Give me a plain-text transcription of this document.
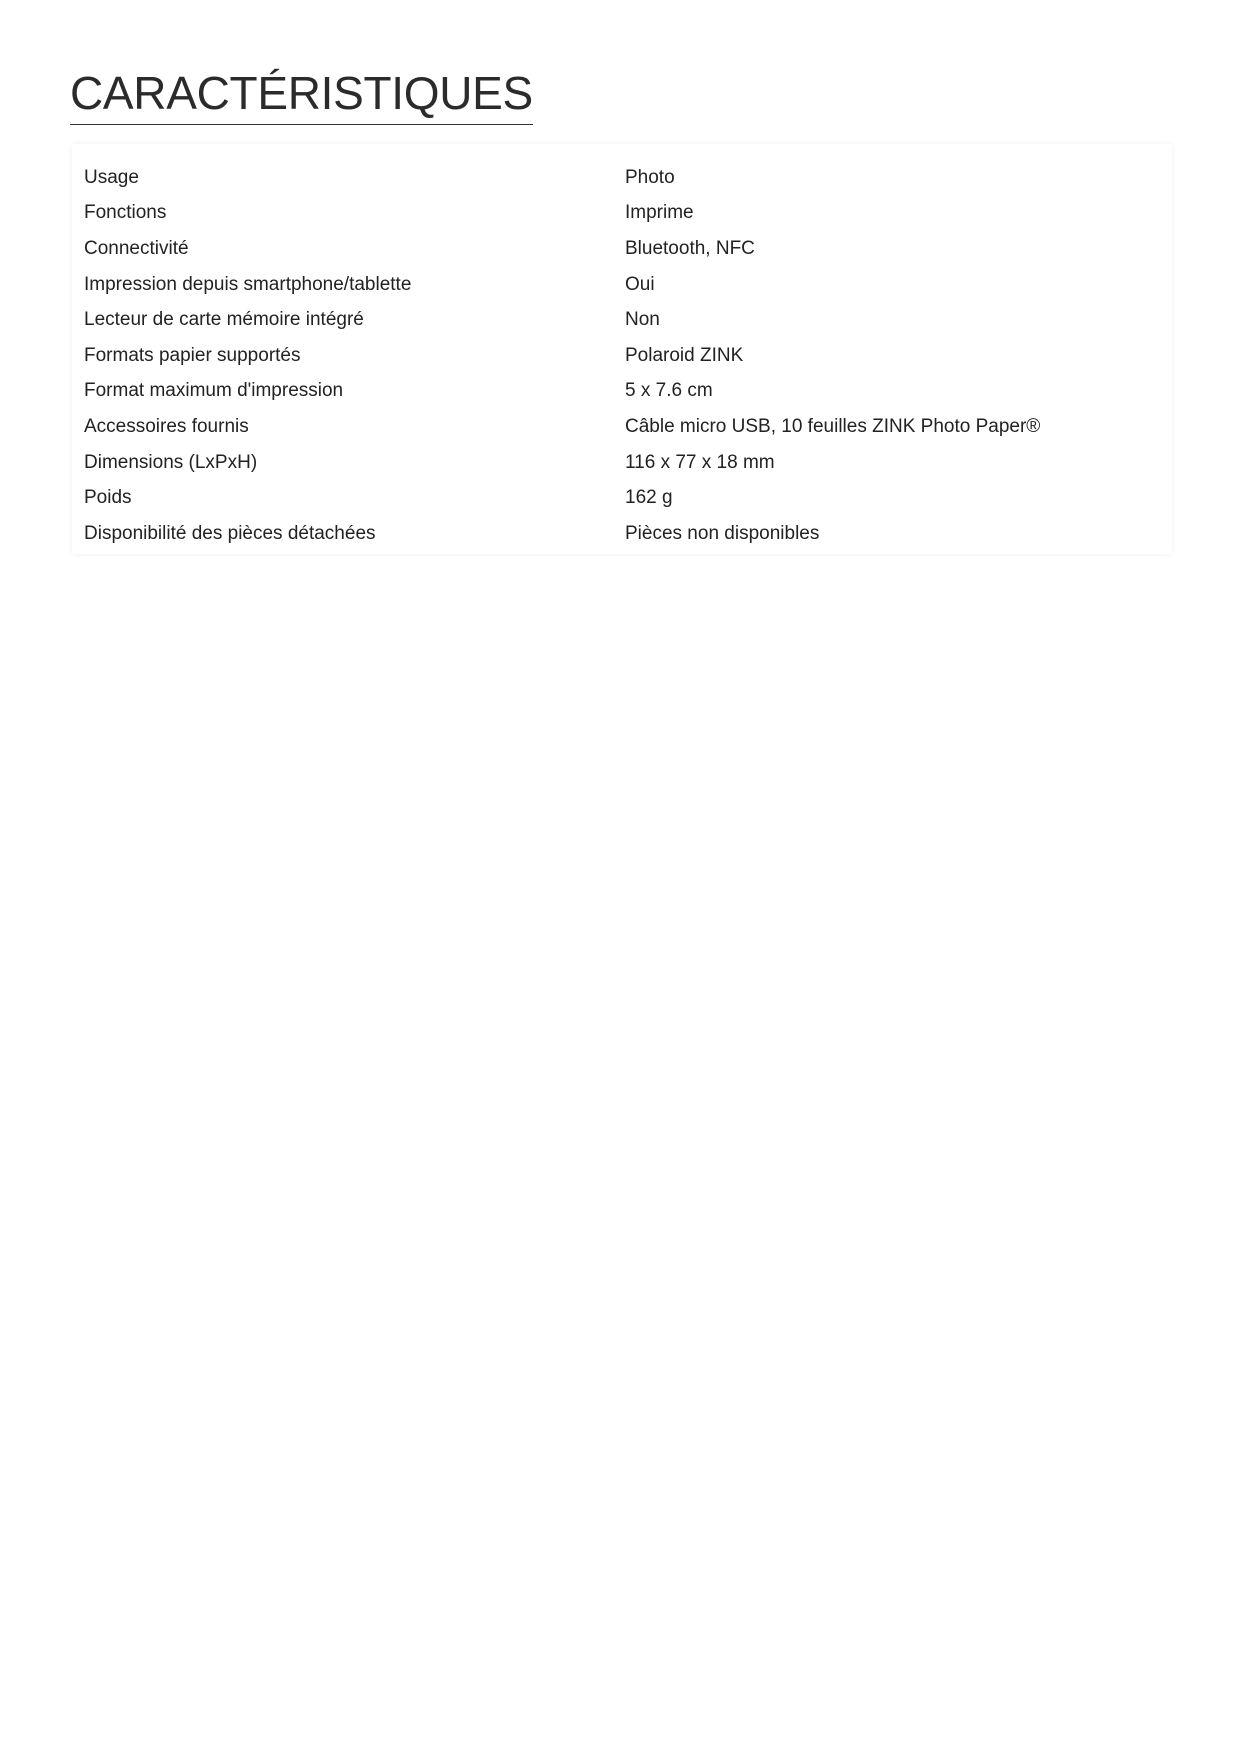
CARACTÉRISTIQUES
Usage	Photo
Fonctions	Imprime
Connectivité	Bluetooth, NFC
Impression depuis smartphone/tablette	Oui
Lecteur de carte mémoire intégré	Non
Formats papier supportés	Polaroid ZINK
Format maximum d'impression	5 x 7.6 cm
Accessoires fournis	Câble micro USB, 10 feuilles ZINK Photo Paper®
Dimensions (LxPxH)	116 x 77 x 18 mm
Poids	162 g
Disponibilité des pièces détachées	Pièces non disponibles
